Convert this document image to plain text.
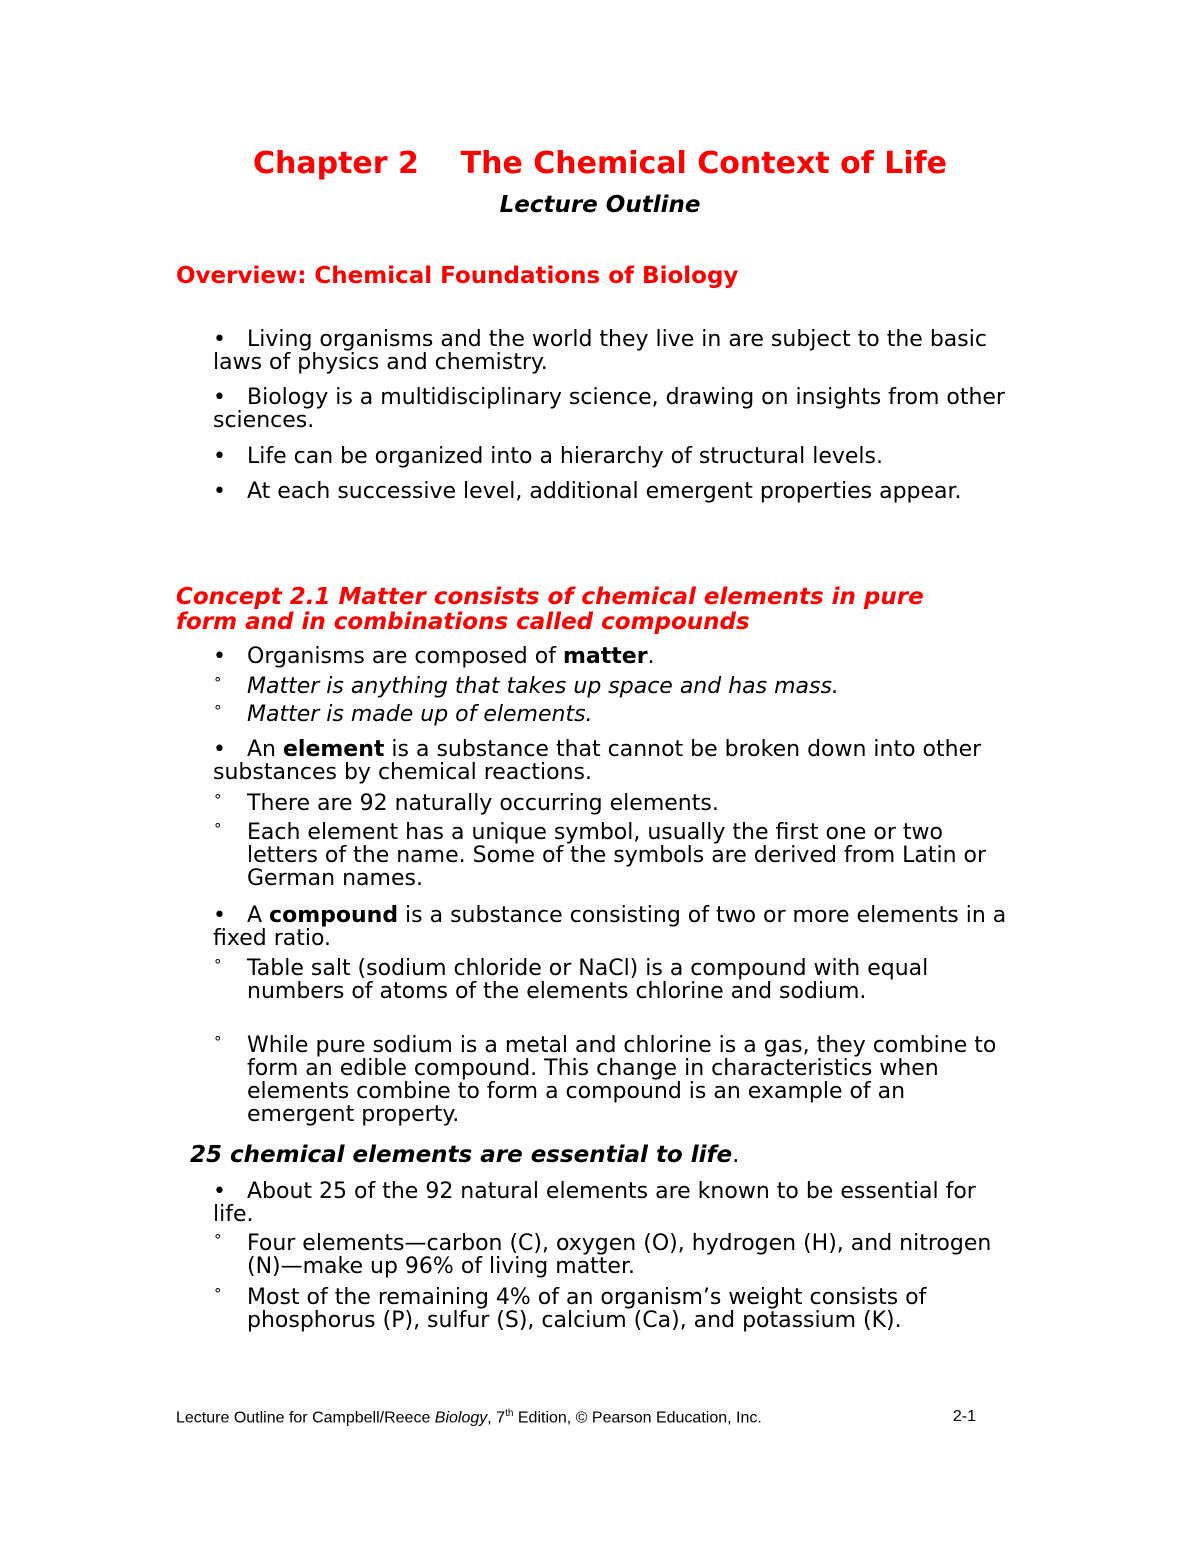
Chapter 2    The Chemical Context of Life
Lecture Outline
Overview: Chemical Foundations of Biology
• Living organisms and the world they live in are subject to the basic laws of physics and chemistry.
• Biology is a multidisciplinary science, drawing on insights from other sciences.
• Life can be organized into a hierarchy of structural levels.
• At each successive level, additional emergent properties appear.
Concept 2.1 Matter consists of chemical elements in pure
form and in combinations called compounds
• Organisms are composed of matter.
°	Matter is anything that takes up space and has mass.
°	Matter is made up of elements.
• An element is a substance that cannot be broken down into other substances by chemical reactions.
°	There are 92 naturally occurring elements.
°	Each element has a unique symbol, usually the first one or two letters of the name. Some of the symbols are derived from Latin or German names.
• A compound is a substance consisting of two or more elements in a fixed ratio.
°	Table salt (sodium chloride or NaCl) is a compound with equal numbers of atoms of the elements chlorine and sodium.
°	While pure sodium is a metal and chlorine is a gas, they combine to form an edible compound. This change in characteristics when elements combine to form a compound is an example of an emergent property.
25 chemical elements are essential to life.
• About 25 of the 92 natural elements are known to be essential for life.
°	Four elements—carbon (C), oxygen (O), hydrogen (H), and nitrogen (N)—make up 96% of living matter.
°	Most of the remaining 4% of an organism’s weight consists of phosphorus (P), sulfur (S), calcium (Ca), and potassium (K).
Lecture Outline for Campbell/Reece Biology, 7th Edition, © Pearson Education, Inc.	2-1
